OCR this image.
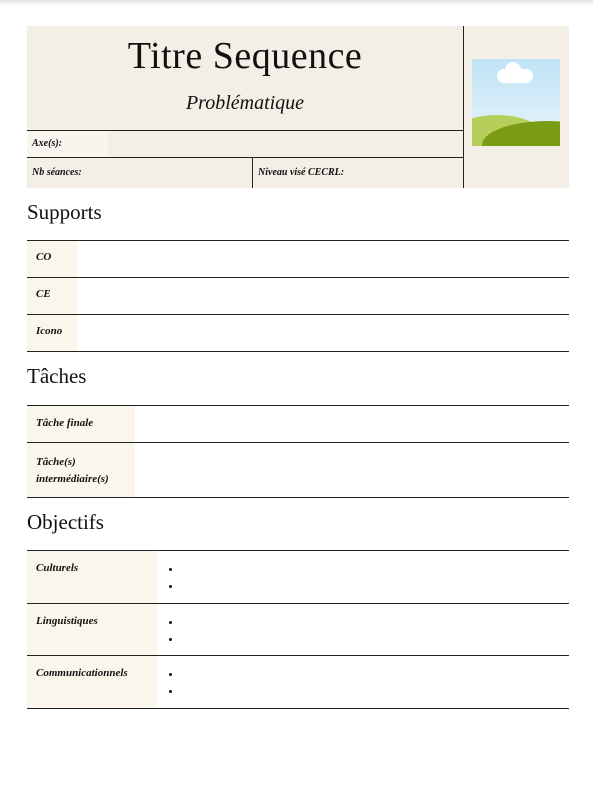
Titre Sequence
Problématique
Axe(s):
Nb séances:	Niveau visé CECRL:
Supports
CO
CE
Icono
Tâches
Tâche finale
Tâche(s)
intermédiaire(s)
Objectifs
Culturels
•
•
Linguistiques
•
•
Communicationnels
•
•
